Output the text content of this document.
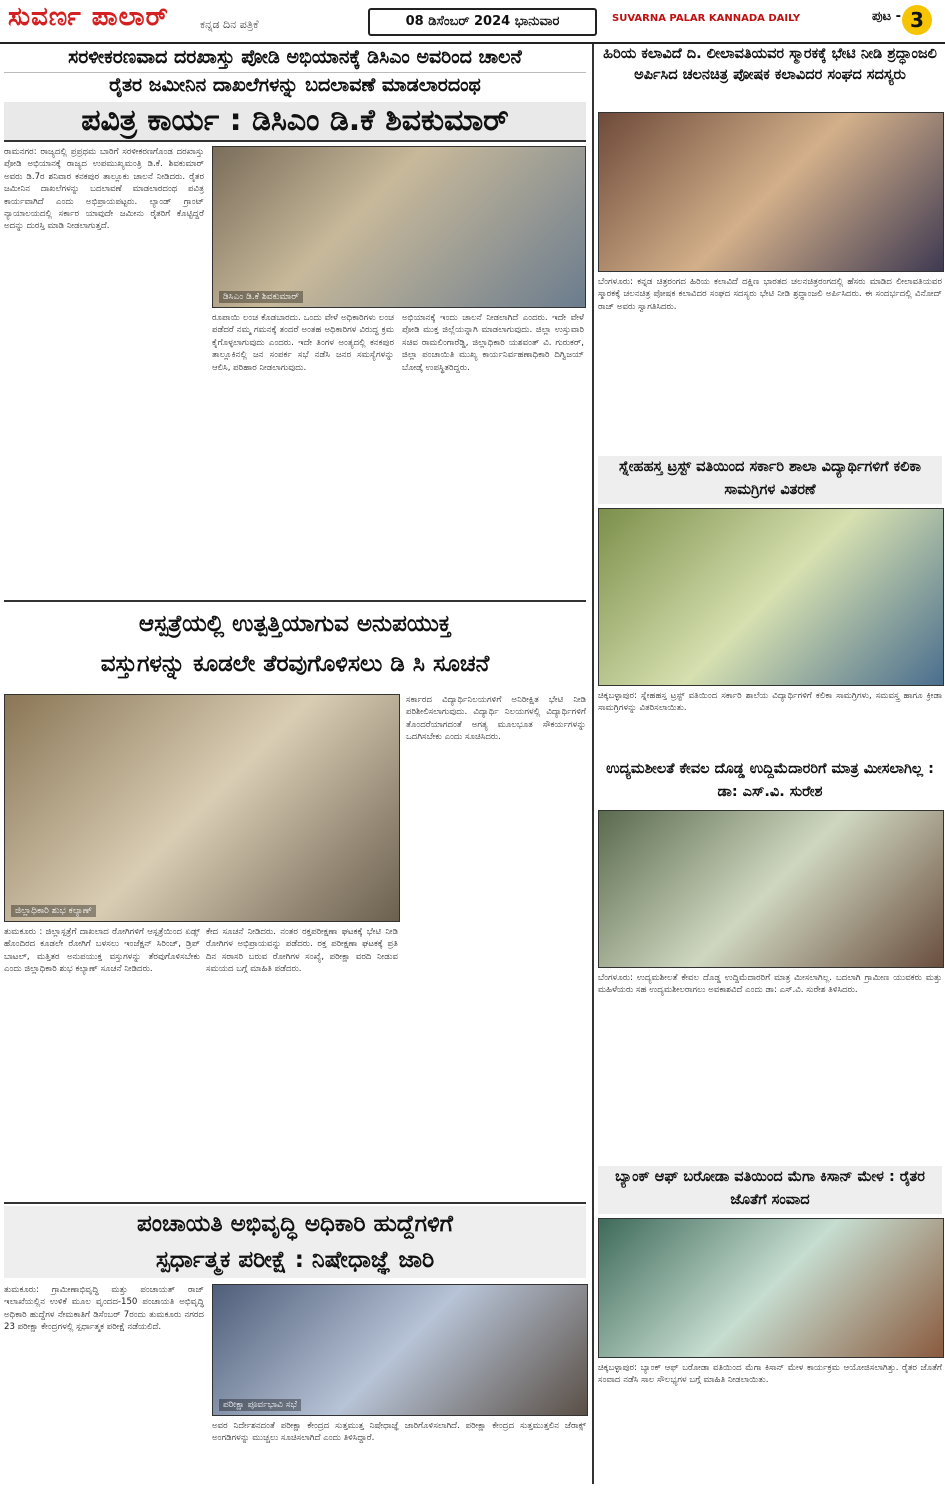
ಸುವರ್ಣ ಪಾಲಾರ್	ಕನ್ನಡ ದಿನ ಪತ್ರಿಕೆ	08 ಡಿಸೆಂಬರ್ 2024 ಭಾನುವಾರ	SUVARNA PALAR KANNADA DAILY	ಪುಟ - 3
ಸರಳೀಕರಣವಾದ ದರಖಾಸ್ತು ಪೋಡಿ ಅಭಿಯಾನಕ್ಕೆ ಡಿಸಿಎಂ ಅವರಿಂದ ಚಾಲನೆ
ರೈತರ ಜಮೀನಿನ ದಾಖಲೆಗಳನ್ನು ಬದಲಾವಣೆ ಮಾಡಲಾರದಂಥ
ಪವಿತ್ರ ಕಾರ್ಯ : ಡಿಸಿಎಂ ಡಿ.ಕೆ ಶಿವಕುಮಾರ್
ರಾಮನಗರ: ರಾಜ್ಯದಲ್ಲಿ ಪ್ರಪ್ರಥಮ ಬಾರಿಗೆ ಸರಳೀಕರಣಗೊಂಡ ದರಖಾಸ್ತು ಪೋಡಿ ಅಭಿಯಾನಕ್ಕೆ ರಾಜ್ಯದ ಉಪಮುಖ್ಯಮಂತ್ರಿ ಡಿ.ಕೆ. ಶಿವಕುಮಾರ್ ಅವರು ಡಿ.7ರ ಶನಿವಾರ ಕನಕಪುರ ತಾಲ್ಲೂಕು ಚಾಲನೆ ನೀಡಿದರು. ರೈತರ ಜಮೀನಿನ ದಾಖಲೆಗಳನ್ನು ಬದಲಾವಣೆ ಮಾಡಲಾರದಂಥ ಪವಿತ್ರ ಕಾರ್ಯವಾಗಿದೆ ಎಂದು ಅಭಿಪ್ರಾಯಪಟ್ಟರು. ಲ್ಯಾಂಡ್ ಗ್ರಾಂಟ್ ನ್ಯಾಯಾಲಯದಲ್ಲಿ ಸರ್ಕಾರ ಯಾವುದೇ ಜಮೀನು ರೈತರಿಗೆ ಕೊಟ್ಟಿದ್ದರೆ ಅದನ್ನು ದುರಸ್ತಿ ಮಾಡಿ ನೀಡಲಾಗುತ್ತದೆ.
ಡಿಸಿಎಂ ಡಿ.ಕೆ ಶಿವಕುಮಾರ್
ರೂಪಾಯಿ ಲಂಚ ಕೊಡಬಾರದು. ಒಂದು ವೇಳೆ ಅಧಿಕಾರಿಗಳು ಲಂಚ ಪಡೆದರೆ ನಮ್ಮ ಗಮನಕ್ಕೆ ತಂದರೆ ಅಂತಹ ಅಧಿಕಾರಿಗಳ ವಿರುದ್ಧ ಕ್ರಮ ಕೈಗೊಳ್ಳಲಾಗುವುದು ಎಂದರು. ಇದೇ ತಿಂಗಳ ಅಂತ್ಯದಲ್ಲಿ ಕನಕಪುರ ತಾಲ್ಲೂಕಿನಲ್ಲಿ ಜನ ಸಂಪರ್ಕ ಸಭೆ ನಡೆಸಿ ಜನರ ಸಮಸ್ಯೆಗಳನ್ನು ಆಲಿಸಿ, ಪರಿಹಾರ ನೀಡಲಾಗುವುದು.
ಅಭಿಯಾನಕ್ಕೆ ಇಂದು ಚಾಲನೆ ನೀಡಲಾಗಿದೆ ಎಂದರು. ಇದೇ ವೇಳೆ ಪೋಡಿ ಮುಕ್ತ ಜಿಲ್ಲೆಯನ್ನಾಗಿ ಮಾಡಲಾಗುವುದು. ಜಿಲ್ಲಾ ಉಸ್ತುವಾರಿ ಸಚಿವ ರಾಮಲಿಂಗಾರೆಡ್ಡಿ, ಜಿಲ್ಲಾಧಿಕಾರಿ ಯಶವಂತ್ ವಿ. ಗುರುಕರ್, ಜಿಲ್ಲಾ ಪಂಚಾಯಿತಿ ಮುಖ್ಯ ಕಾರ್ಯನಿರ್ವಹಣಾಧಿಕಾರಿ ದಿಗ್ವಿಜಯ್ ಬೋಡ್ಕೆ ಉಪಸ್ಥಿತರಿದ್ದರು.
ಆಸ್ಪತ್ರೆಯಲ್ಲಿ ಉತ್ಪತ್ತಿಯಾಗುವ ಅನುಪಯುಕ್ತ
ವಸ್ತುಗಳನ್ನು ಕೂಡಲೇ ತೆರವುಗೊಳಿಸಲು ಡಿ ಸಿ ಸೂಚನೆ
ಜಿಲ್ಲಾಧಿಕಾರಿ ಶುಭ ಕಲ್ಯಾಣ್
ಸರ್ಕಾರದ ವಿದ್ಯಾರ್ಥಿನಿಲಯಗಳಿಗೆ ಅನಿರೀಕ್ಷಿತ ಭೇಟಿ ನೀಡಿ ಪರಿಶೀಲಿಸಲಾಗುವುದು. ವಿದ್ಯಾರ್ಥಿ ನಿಲಯಗಳಲ್ಲಿ ವಿದ್ಯಾರ್ಥಿಗಳಿಗೆ ತೊಂದರೆಯಾಗದಂತೆ ಅಗತ್ಯ ಮೂಲಭೂತ ಸೌಕರ್ಯಗಳನ್ನು ಒದಗಿಸಬೇಕು ಎಂದು ಸೂಚಿಸಿದರು.
ತುಮಕೂರು : ಜಿಲ್ಲಾಸ್ಪತ್ರೆಗೆ ದಾಖಲಾದ ರೋಗಿಗಳಿಗೆ ಆಸ್ಪತ್ರೆಯಿಂದ ಏಡ್ಸ್ ಹೊಂದಿರದ ಕೂಡಲೇ ರೋಗಿಗೆ ಬಳಸಲು ಇಂಜೆಕ್ಷನ್ ಸಿರಿಂಜ್, ಡ್ರಿಪ್ ಬಾಟಲ್, ಮತ್ತಿತರ ಅನುಪಯುಕ್ತ ವಸ್ತುಗಳನ್ನು ತೆರವುಗೊಳಿಸಬೇಕು ಎಂದು ಜಿಲ್ಲಾಧಿಕಾರಿ ಶುಭ ಕಲ್ಯಾಣ್ ಸೂಚನೆ ನೀಡಿದರು.
ಕೇದ ಸೂಚನೆ ನೀಡಿದರು. ನಂತರ ರಕ್ತಪರೀಕ್ಷಣಾ ಘಟಕಕ್ಕೆ ಭೇಟಿ ನೀಡಿ ರೋಗಿಗಳ ಅಭಿಪ್ರಾಯವನ್ನು ಪಡೆದರು. ರಕ್ತ ಪರೀಕ್ಷಣಾ ಘಟಕಕ್ಕೆ ಪ್ರತಿ ದಿನ ಸರಾಸರಿ ಬರುವ ರೋಗಿಗಳ ಸಂಖ್ಯೆ, ಪರೀಕ್ಷಾ ವರದಿ ನೀಡುವ ಸಮಯದ ಬಗ್ಗೆ ಮಾಹಿತಿ ಪಡೆದರು.
ಪಂಚಾಯತಿ ಅಭಿವೃದ್ಧಿ ಅಧಿಕಾರಿ ಹುದ್ದೆಗಳಿಗೆ
ಸ್ಪರ್ಧಾತ್ಮಕ ಪರೀಕ್ಷೆ : ನಿಷೇಧಾಜ್ಞೆ ಜಾರಿ
ತುಮಕೂರು: ಗ್ರಾಮೀಣಾಭಿವೃದ್ಧಿ ಮತ್ತು ಪಂಚಾಯತ್ ರಾಜ್ ಇಲಾಖೆಯಲ್ಲಿನ ಉಳಿಕೆ ಮೂಲ ವೃಂದದ-150 ಪಂಚಾಯತಿ ಅಭಿವೃದ್ಧಿ ಅಧಿಕಾರಿ ಹುದ್ದೆಗಳ ನೇಮಕಾತಿಗೆ ಡಿಸೆಂಬರ್ 7ರಂದು ತುಮಕೂರು ನಗರದ 23 ಪರೀಕ್ಷಾ ಕೇಂದ್ರಗಳಲ್ಲಿ ಸ್ಪರ್ಧಾತ್ಮಕ ಪರೀಕ್ಷೆ ನಡೆಯಲಿದೆ.
ಪರೀಕ್ಷಾ ಪೂರ್ವಭಾವಿ ಸಭೆ
ಅವರ ನಿರ್ದೇಶನದಂತೆ ಪರೀಕ್ಷಾ ಕೇಂದ್ರದ ಸುತ್ತಮುತ್ತ ನಿಷೇಧಾಜ್ಞೆ ಜಾರಿಗೊಳಿಸಲಾಗಿದೆ. ಪರೀಕ್ಷಾ ಕೇಂದ್ರದ ಸುತ್ತಮುತ್ತಲಿನ ಜೆರಾಕ್ಸ್ ಅಂಗಡಿಗಳನ್ನು ಮುಚ್ಚಲು ಸೂಚಿಸಲಾಗಿದೆ ಎಂದು ತಿಳಿಸಿದ್ದಾರೆ.
ಹಿರಿಯ ಕಲಾವಿದೆ ದಿ. ಲೀಲಾವತಿಯವರ ಸ್ಮಾರಕಕ್ಕೆ ಭೇಟಿ ನೀಡಿ ಶ್ರದ್ಧಾಂಜಲಿ ಅರ್ಪಿಸಿದ ಚಲನಚಿತ್ರ ಪೋಷಕ ಕಲಾವಿದರ ಸಂಘದ ಸದಸ್ಯರು
ಬೆಂಗಳೂರು: ಕನ್ನಡ ಚಿತ್ರರಂಗದ ಹಿರಿಯ ಕಲಾವಿದೆ ದಕ್ಷಿಣ ಭಾರತದ ಚಲನಚಿತ್ರರಂಗದಲ್ಲಿ ಹೆಸರು ಮಾಡಿದ ಲೀಲಾವತಿಯವರ ಸ್ಮಾರಕಕ್ಕೆ ಚಲನಚಿತ್ರ ಪೋಷಕ ಕಲಾವಿದರ ಸಂಘದ ಸದಸ್ಯರು ಭೇಟಿ ನೀಡಿ ಶ್ರದ್ಧಾಂಜಲಿ ಅರ್ಪಿಸಿದರು. ಈ ಸಂದರ್ಭದಲ್ಲಿ ವಿನೋದ್ ರಾಜ್ ಅವರು ಸ್ವಾಗತಿಸಿದರು.
ಸ್ನೇಹಹಸ್ತ ಟ್ರಸ್ಟ್ ವತಿಯಿಂದ ಸರ್ಕಾರಿ ಶಾಲಾ ವಿದ್ಯಾರ್ಥಿಗಳಿಗೆ ಕಲಿಕಾ ಸಾಮಗ್ರಿಗಳ ವಿತರಣೆ
ಚಿಕ್ಕಬಳ್ಳಾಪುರ: ಸ್ನೇಹಹಸ್ತ ಟ್ರಸ್ಟ್ ವತಿಯಿಂದ ಸರ್ಕಾರಿ ಶಾಲೆಯ ವಿದ್ಯಾರ್ಥಿಗಳಿಗೆ ಕಲಿಕಾ ಸಾಮಗ್ರಿಗಳು, ಸಮವಸ್ತ್ರ ಹಾಗೂ ಕ್ರೀಡಾ ಸಾಮಗ್ರಿಗಳನ್ನು ವಿತರಿಸಲಾಯಿತು.
ಉದ್ಯಮಶೀಲತೆ ಕೇವಲ ದೊಡ್ಡ ಉದ್ದಿಮೆದಾರರಿಗೆ ಮಾತ್ರ ಮೀಸಲಾಗಿಲ್ಲ : ಡಾ: ಎಸ್.ವಿ. ಸುರೇಶ
ಬೆಂಗಳೂರು: ಉದ್ಯಮಶೀಲತೆ ಕೇವಲ ದೊಡ್ಡ ಉದ್ದಿಮೆದಾರರಿಗೆ ಮಾತ್ರ ಮೀಸಲಾಗಿಲ್ಲ. ಬದಲಾಗಿ ಗ್ರಾಮೀಣ ಯುವಕರು ಮತ್ತು ಮಹಿಳೆಯರು ಸಹ ಉದ್ಯಮಶೀಲರಾಗಲು ಅವಕಾಶವಿದೆ ಎಂದು ಡಾ: ಎಸ್.ವಿ. ಸುರೇಶ ತಿಳಿಸಿದರು.
ಬ್ಯಾಂಕ್ ಆಫ್ ಬರೋಡಾ ವತಿಯಿಂದ ಮೆಗಾ ಕಿಸಾನ್ ಮೇಳ : ರೈತರ ಜೊತೆಗೆ ಸಂವಾದ
ಚಿಕ್ಕಬಳ್ಳಾಪುರ: ಬ್ಯಾಂಕ್ ಆಫ್ ಬರೋಡಾ ವತಿಯಿಂದ ಮೆಗಾ ಕಿಸಾನ್ ಮೇಳ ಕಾರ್ಯಕ್ರಮ ಆಯೋಜಿಸಲಾಗಿತ್ತು. ರೈತರ ಜೊತೆಗೆ ಸಂವಾದ ನಡೆಸಿ ಸಾಲ ಸೌಲಭ್ಯಗಳ ಬಗ್ಗೆ ಮಾಹಿತಿ ನೀಡಲಾಯಿತು.
